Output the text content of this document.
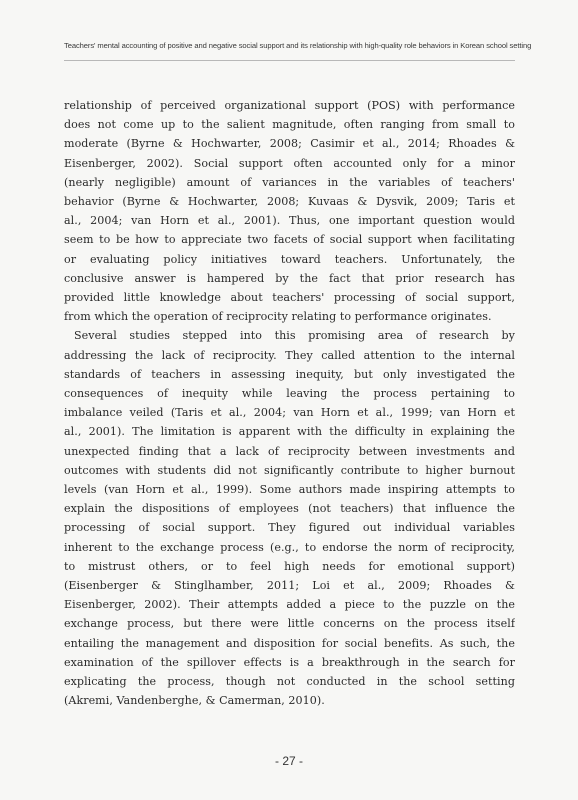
Teachers' mental accounting of positive and negative social support and its relationship with high-quality role behaviors in Korean school setting
relationship of perceived organizational support (POS) with performance
does not come up to the salient magnitude, often ranging from small to
moderate (Byrne & Hochwarter, 2008; Casimir et al., 2014; Rhoades &
Eisenberger, 2002). Social support often accounted only for a minor
(nearly negligible) amount of variances in the variables of teachers'
behavior (Byrne & Hochwarter, 2008; Kuvaas & Dysvik, 2009; Taris et
al., 2004; van Horn et al., 2001). Thus, one important question would
seem to be how to appreciate two facets of social support when facilitating
or evaluating policy initiatives toward teachers. Unfortunately, the
conclusive answer is hampered by the fact that prior research has
provided little knowledge about teachers' processing of social support,
from which the operation of reciprocity relating to performance originates.
Several studies stepped into this promising area of research by
addressing the lack of reciprocity. They called attention to the internal
standards of teachers in assessing inequity, but only investigated the
consequences of inequity while leaving the process pertaining to
imbalance veiled (Taris et al., 2004; van Horn et al., 1999; van Horn et
al., 2001). The limitation is apparent with the difficulty in explaining the
unexpected finding that a lack of reciprocity between investments and
outcomes with students did not significantly contribute to higher burnout
levels (van Horn et al., 1999). Some authors made inspiring attempts to
explain the dispositions of employees (not teachers) that influence the
processing of social support. They figured out individual variables
inherent to the exchange process (e.g., to endorse the norm of reciprocity,
to mistrust others, or to feel high needs for emotional support)
(Eisenberger & Stinglhamber, 2011; Loi et al., 2009; Rhoades &
Eisenberger, 2002). Their attempts added a piece to the puzzle on the
exchange process, but there were little concerns on the process itself
entailing the management and disposition for social benefits. As such, the
examination of the spillover effects is a breakthrough in the search for
explicating the process, though not conducted in the school setting
(Akremi, Vandenberghe, & Camerman, 2010).
- 27 -
